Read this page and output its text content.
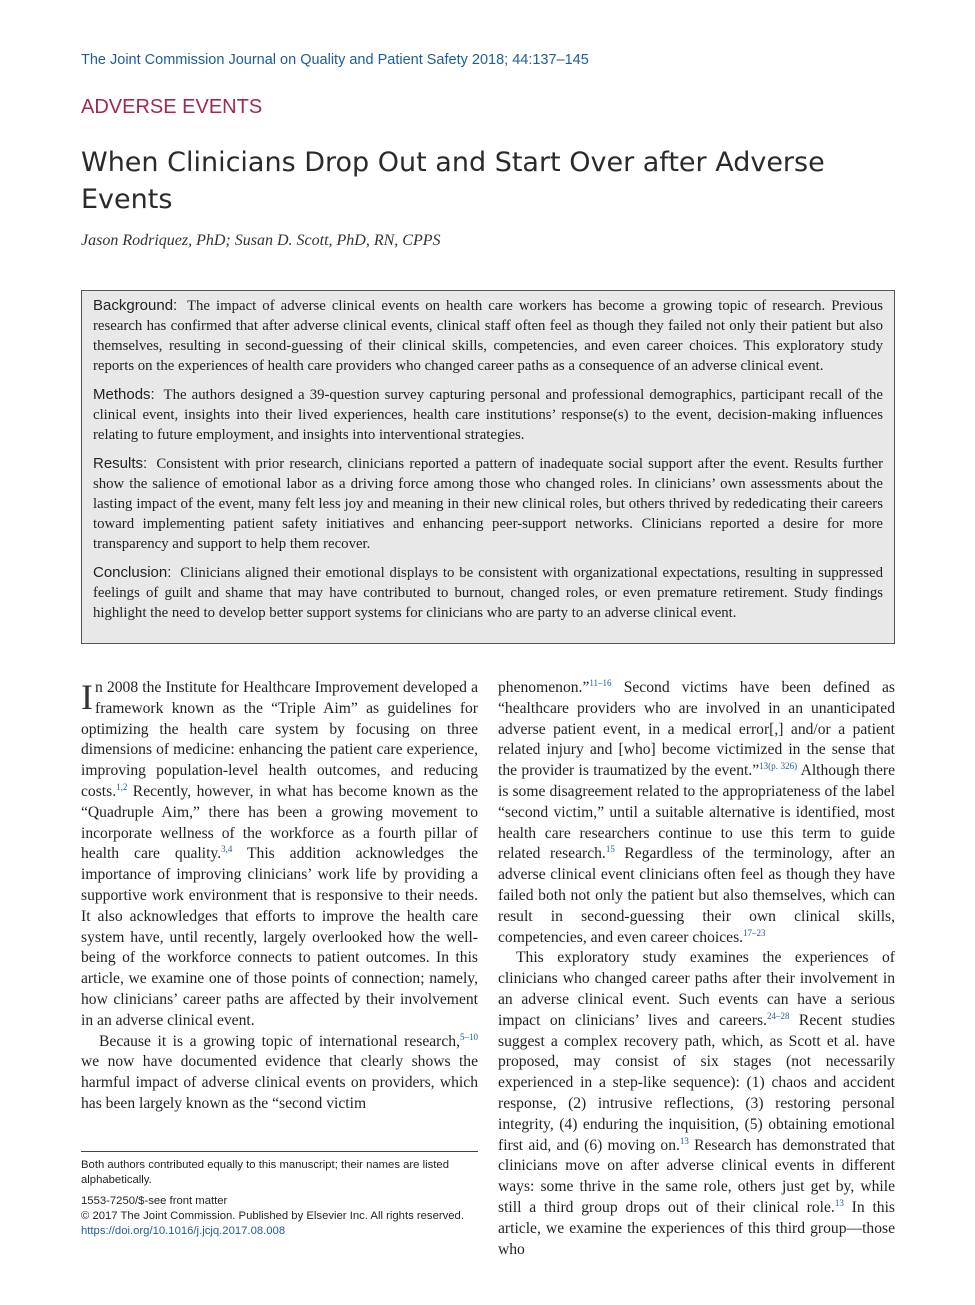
The Joint Commission Journal on Quality and Patient Safety 2018; 44:137–145
ADVERSE EVENTS
When Clinicians Drop Out and Start Over after Adverse Events
Jason Rodriquez, PhD; Susan D. Scott, PhD, RN, CPPS

Background: The impact of adverse clinical events on health care workers has become a growing topic of research. Previous research has confirmed that after adverse clinical events, clinical staff often feel as though they failed not only their patient but also themselves, resulting in second-guessing of their clinical skills, competencies, and even career choices. This exploratory study reports on the experiences of health care providers who changed career paths as a consequence of an adverse clinical event.

Methods: The authors designed a 39-question survey capturing personal and professional demographics, participant recall of the clinical event, insights into their lived experiences, health care institutions’ response(s) to the event, decision-making influences relating to future employment, and insights into interventional strategies.

Results: Consistent with prior research, clinicians reported a pattern of inadequate social support after the event. Results further show the salience of emotional labor as a driving force among those who changed roles. In clinicians’ own assessments about the lasting impact of the event, many felt less joy and meaning in their new clinical roles, but others thrived by rededicating their careers toward implementing patient safety initiatives and enhancing peer-support networks. Clinicians reported a desire for more transparency and support to help them recover.

Conclusion: Clinicians aligned their emotional displays to be consistent with organizational expectations, resulting in suppressed feelings of guilt and shame that may have contributed to burnout, changed roles, or even premature retirement. Study findings highlight the need to develop better support systems for clinicians who are party to an adverse clinical event.

In 2008 the Institute for Healthcare Improvement developed a framework known as the “Triple Aim” as guidelines for optimizing the health care system by focusing on three dimensions of medicine: enhancing the patient care experience, improving population-level health outcomes, and reducing costs.$^{1,2}$ Recently, however, in what has become known as the “Quadruple Aim,” there has been a growing movement to incorporate wellness of the workforce as a fourth pillar of health care quality.$^{3,4}$ This addition acknowledges the importance of improving clinicians’ work life by providing a supportive work environment that is responsive to their needs. It also acknowledges that efforts to improve the health care system have, until recently, largely overlooked how the well-being of the workforce connects to patient outcomes. In this article, we examine one of those points of connection; namely, how clinicians’ career paths are affected by their involvement in an adverse clinical event.

Because it is a growing topic of international research,$^{5-10}$ we now have documented evidence that clearly shows the harmful impact of adverse clinical events on providers, which has been largely known as the “second victim

phenomenon.”$^{11-16}$ Second victims have been defined as “healthcare providers who are involved in an unanticipated adverse patient event, in a medical error[,] and/or a patient related injury and [who] become victimized in the sense that the provider is traumatized by the event.”$^{13(p. 326)}$ Although there is some disagreement related to the appropriateness of the label “second victim,” until a suitable alternative is identified, most health care researchers continue to use this term to guide related research.$^{15}$ Regardless of the terminology, after an adverse clinical event clinicians often feel as though they have failed both not only the patient but also themselves, which can result in second-guessing their own clinical skills, competencies, and even career choices.$^{17-23}$

This exploratory study examines the experiences of clinicians who changed career paths after their involvement in an adverse clinical event. Such events can have a serious impact on clinicians’ lives and careers.$^{24-28}$ Recent studies suggest a complex recovery path, which, as Scott et al. have proposed, may consist of six stages (not necessarily experienced in a step-like sequence): (1) chaos and accident response, (2) intrusive reflections, (3) restoring personal integrity, (4) enduring the inquisition, (5) obtaining emotional first aid, and (6) moving on.$^{13}$ Research has demonstrated that clinicians move on after adverse clinical events in different ways: some thrive in the same role, others just get by, while still a third group drops out of their clinical role.$^{13}$ In this article, we examine the experiences of this third group—those who

Both authors contributed equally to this manuscript; their names are listed alphabetically.

1553-7250/$-see front matter

© 2017 The Joint Commission. Published by Elsevier Inc. All rights reserved.

https://doi.org/10.1016/j.jcjq.2017.08.008
